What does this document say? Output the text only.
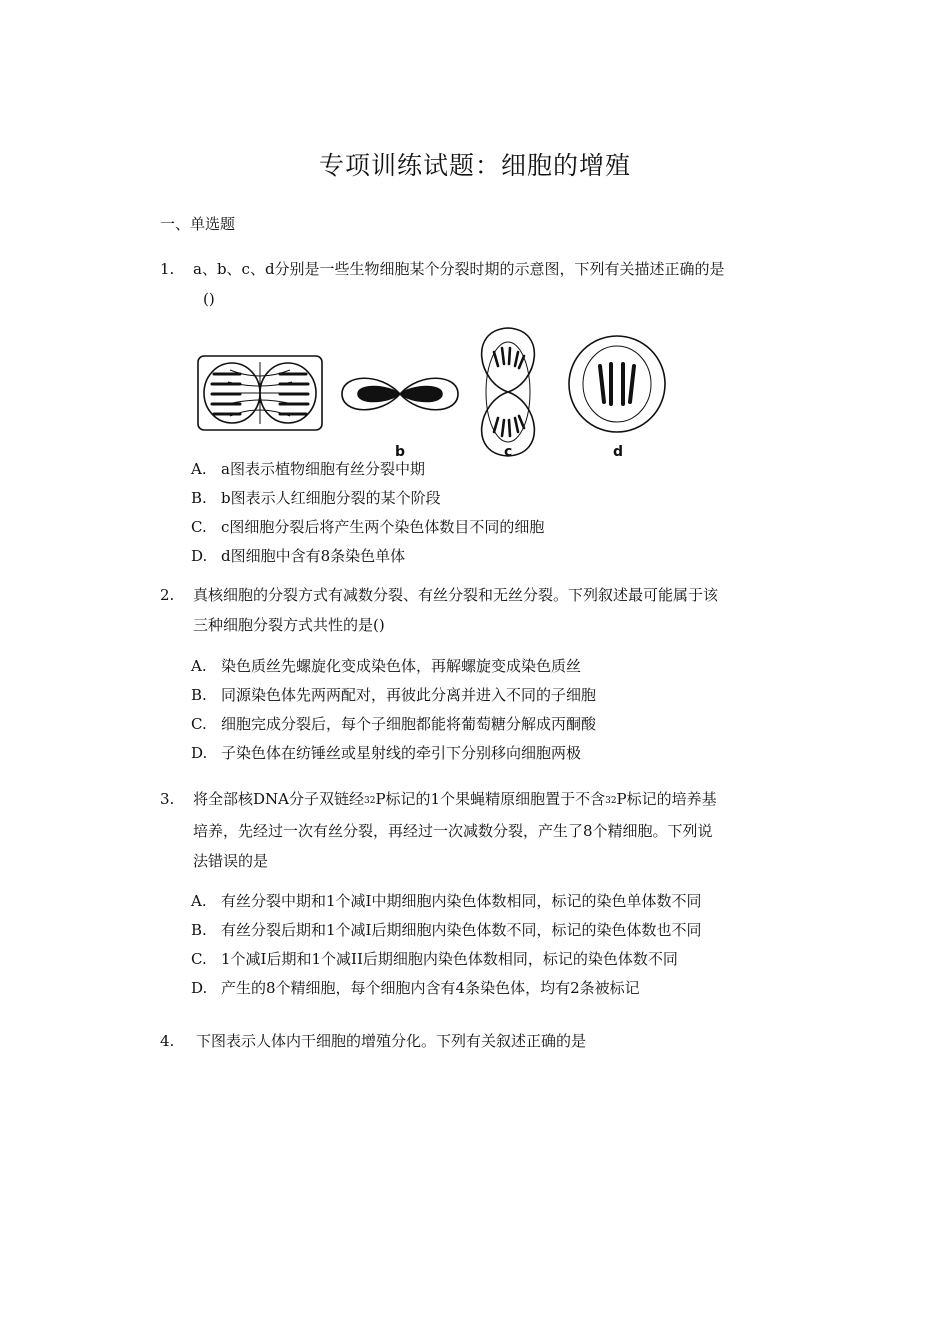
专项训练试题：细胞的增殖
一、单选题
1. a、b、c、d分别是一些生物细胞某个分裂时期的示意图，下列有关描述正确的是
()
b	c	d
A. a图表示植物细胞有丝分裂中期
B. b图表示人红细胞分裂的某个阶段
C. c图细胞分裂后将产生两个染色体数目不同的细胞
D. d图细胞中含有8条染色单体
2. 真核细胞的分裂方式有减数分裂、有丝分裂和无丝分裂。下列叙述最可能属于该
三种细胞分裂方式共性的是()
A. 染色质丝先螺旋化变成染色体，再解螺旋变成染色质丝
B. 同源染色体先两两配对，再彼此分离并进入不同的子细胞
C. 细胞完成分裂后，每个子细胞都能将葡萄糖分解成丙酮酸
D. 子染色体在纺锤丝或星射线的牵引下分别移向细胞两极
3. 将全部核DNA分子双链经32P标记的1个果蝇精原细胞置于不含32P标记的培养基
培养，先经过一次有丝分裂，再经过一次减数分裂，产生了8个精细胞。下列说
法错误的是
A. 有丝分裂中期和1个减Ⅰ中期细胞内染色体数相同，标记的染色单体数不同
B. 有丝分裂后期和1个减Ⅰ后期细胞内染色体数不同，标记的染色体数也不同
C. 1个减Ⅰ后期和1个减II后期细胞内染色体数相同，标记的染色体数不同
D. 产生的8个精细胞，每个细胞内含有4条染色体，均有2条被标记
4. 下图表示人体内干细胞的增殖分化。下列有关叙述正确的是
